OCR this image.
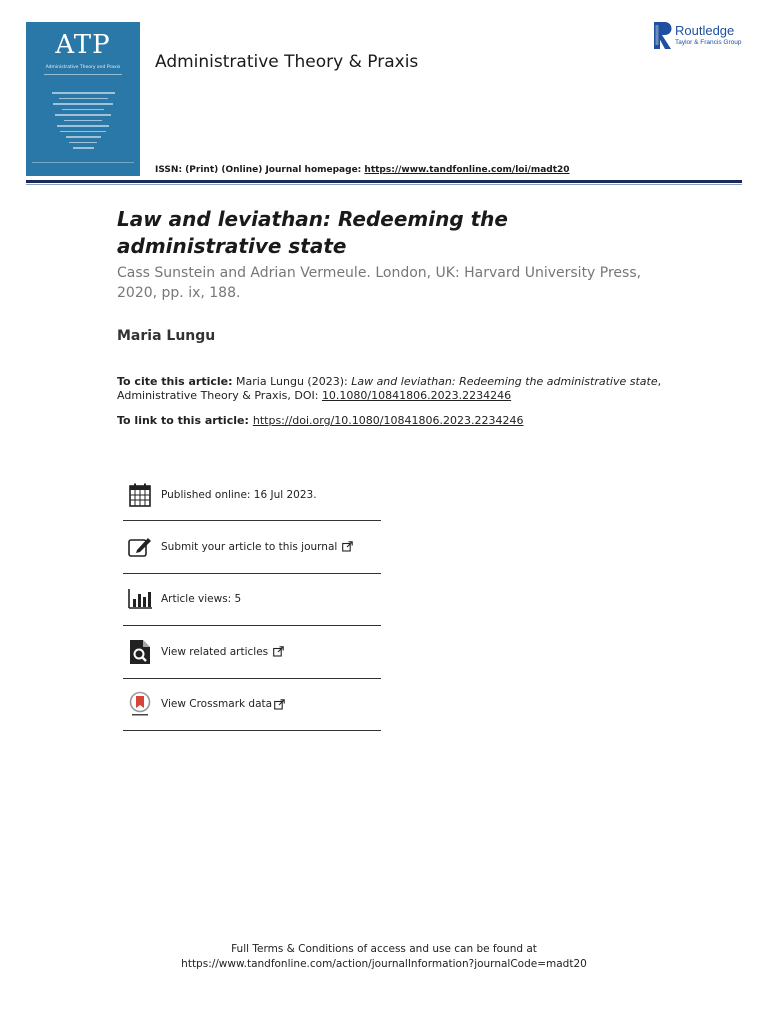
ATP
Administrative Theory and Praxis	Administrative Theory & Praxis
Routledge
Taylor & Francis Group
ISSN: (Print) (Online) Journal homepage: https://www.tandfonline.com/loi/madt20
Law and leviathan: Redeeming the administrative state
Cass Sunstein and Adrian Vermeule. London, UK: Harvard University Press, 2020, pp. ix, 188.
Maria Lungu
To cite this article: Maria Lungu (2023): Law and leviathan: Redeeming the administrative state, Administrative Theory & Praxis, DOI: 10.1080/10841806.2023.2234246
To link to this article: https://doi.org/10.1080/10841806.2023.2234246
Published online: 16 Jul 2023.
Submit your article to this journal
Article views: 5
View related articles
View Crossmark data
Full Terms & Conditions of access and use can be found at
https://www.tandfonline.com/action/journalInformation?journalCode=madt20
